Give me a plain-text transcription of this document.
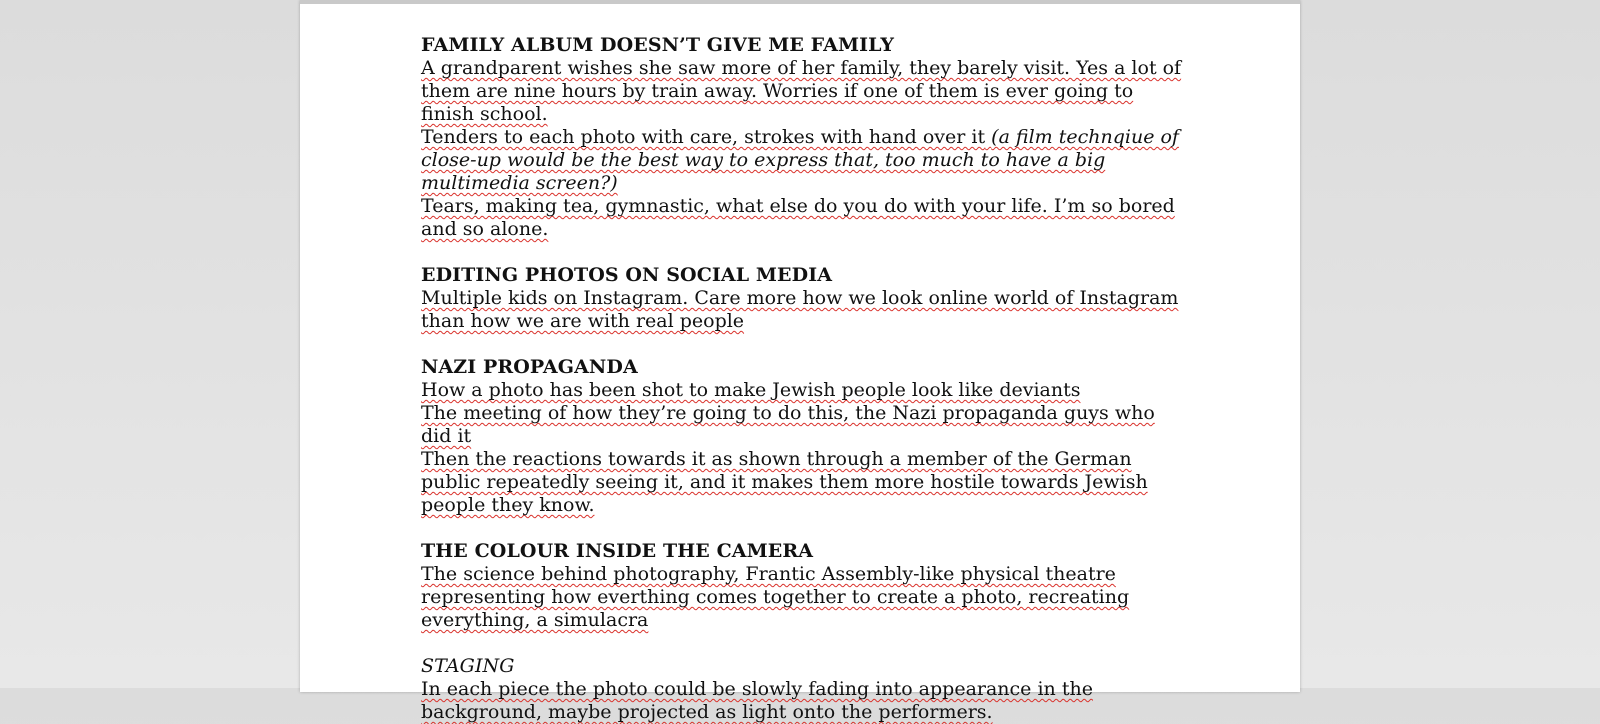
FAMILY ALBUM DOESN’T GIVE ME FAMILY

A grandparent wishes she saw more of her family, they barely visit. Yes a lot of them are nine hours by train away. Worries if one of them is ever going to finish school.

Tenders to each photo with care, strokes with hand over it (a film technqiue of close-up would be the best way to express that, too much to have a big multimedia screen?)

Tears, making tea, gymnastic, what else do you do with your life. I’m so bored and so alone.

EDITING PHOTOS ON SOCIAL MEDIA

Multiple kids on Instagram. Care more how we look online world of Instagram than how we are with real people

NAZI PROPAGANDA

How a photo has been shot to make Jewish people look like deviants

The meeting of how they’re going to do this, the Nazi propaganda guys who did it

Then the reactions towards it as shown through a member of the German public repeatedly seeing it, and it makes them more hostile towards Jewish people they know.

THE COLOUR INSIDE THE CAMERA

The science behind photography, Frantic Assembly-like physical theatre representing how everthing comes together to create a photo, recreating everything, a simulacra

STAGING

In each piece the photo could be slowly fading into appearance in the background, maybe projected as light onto the performers.
